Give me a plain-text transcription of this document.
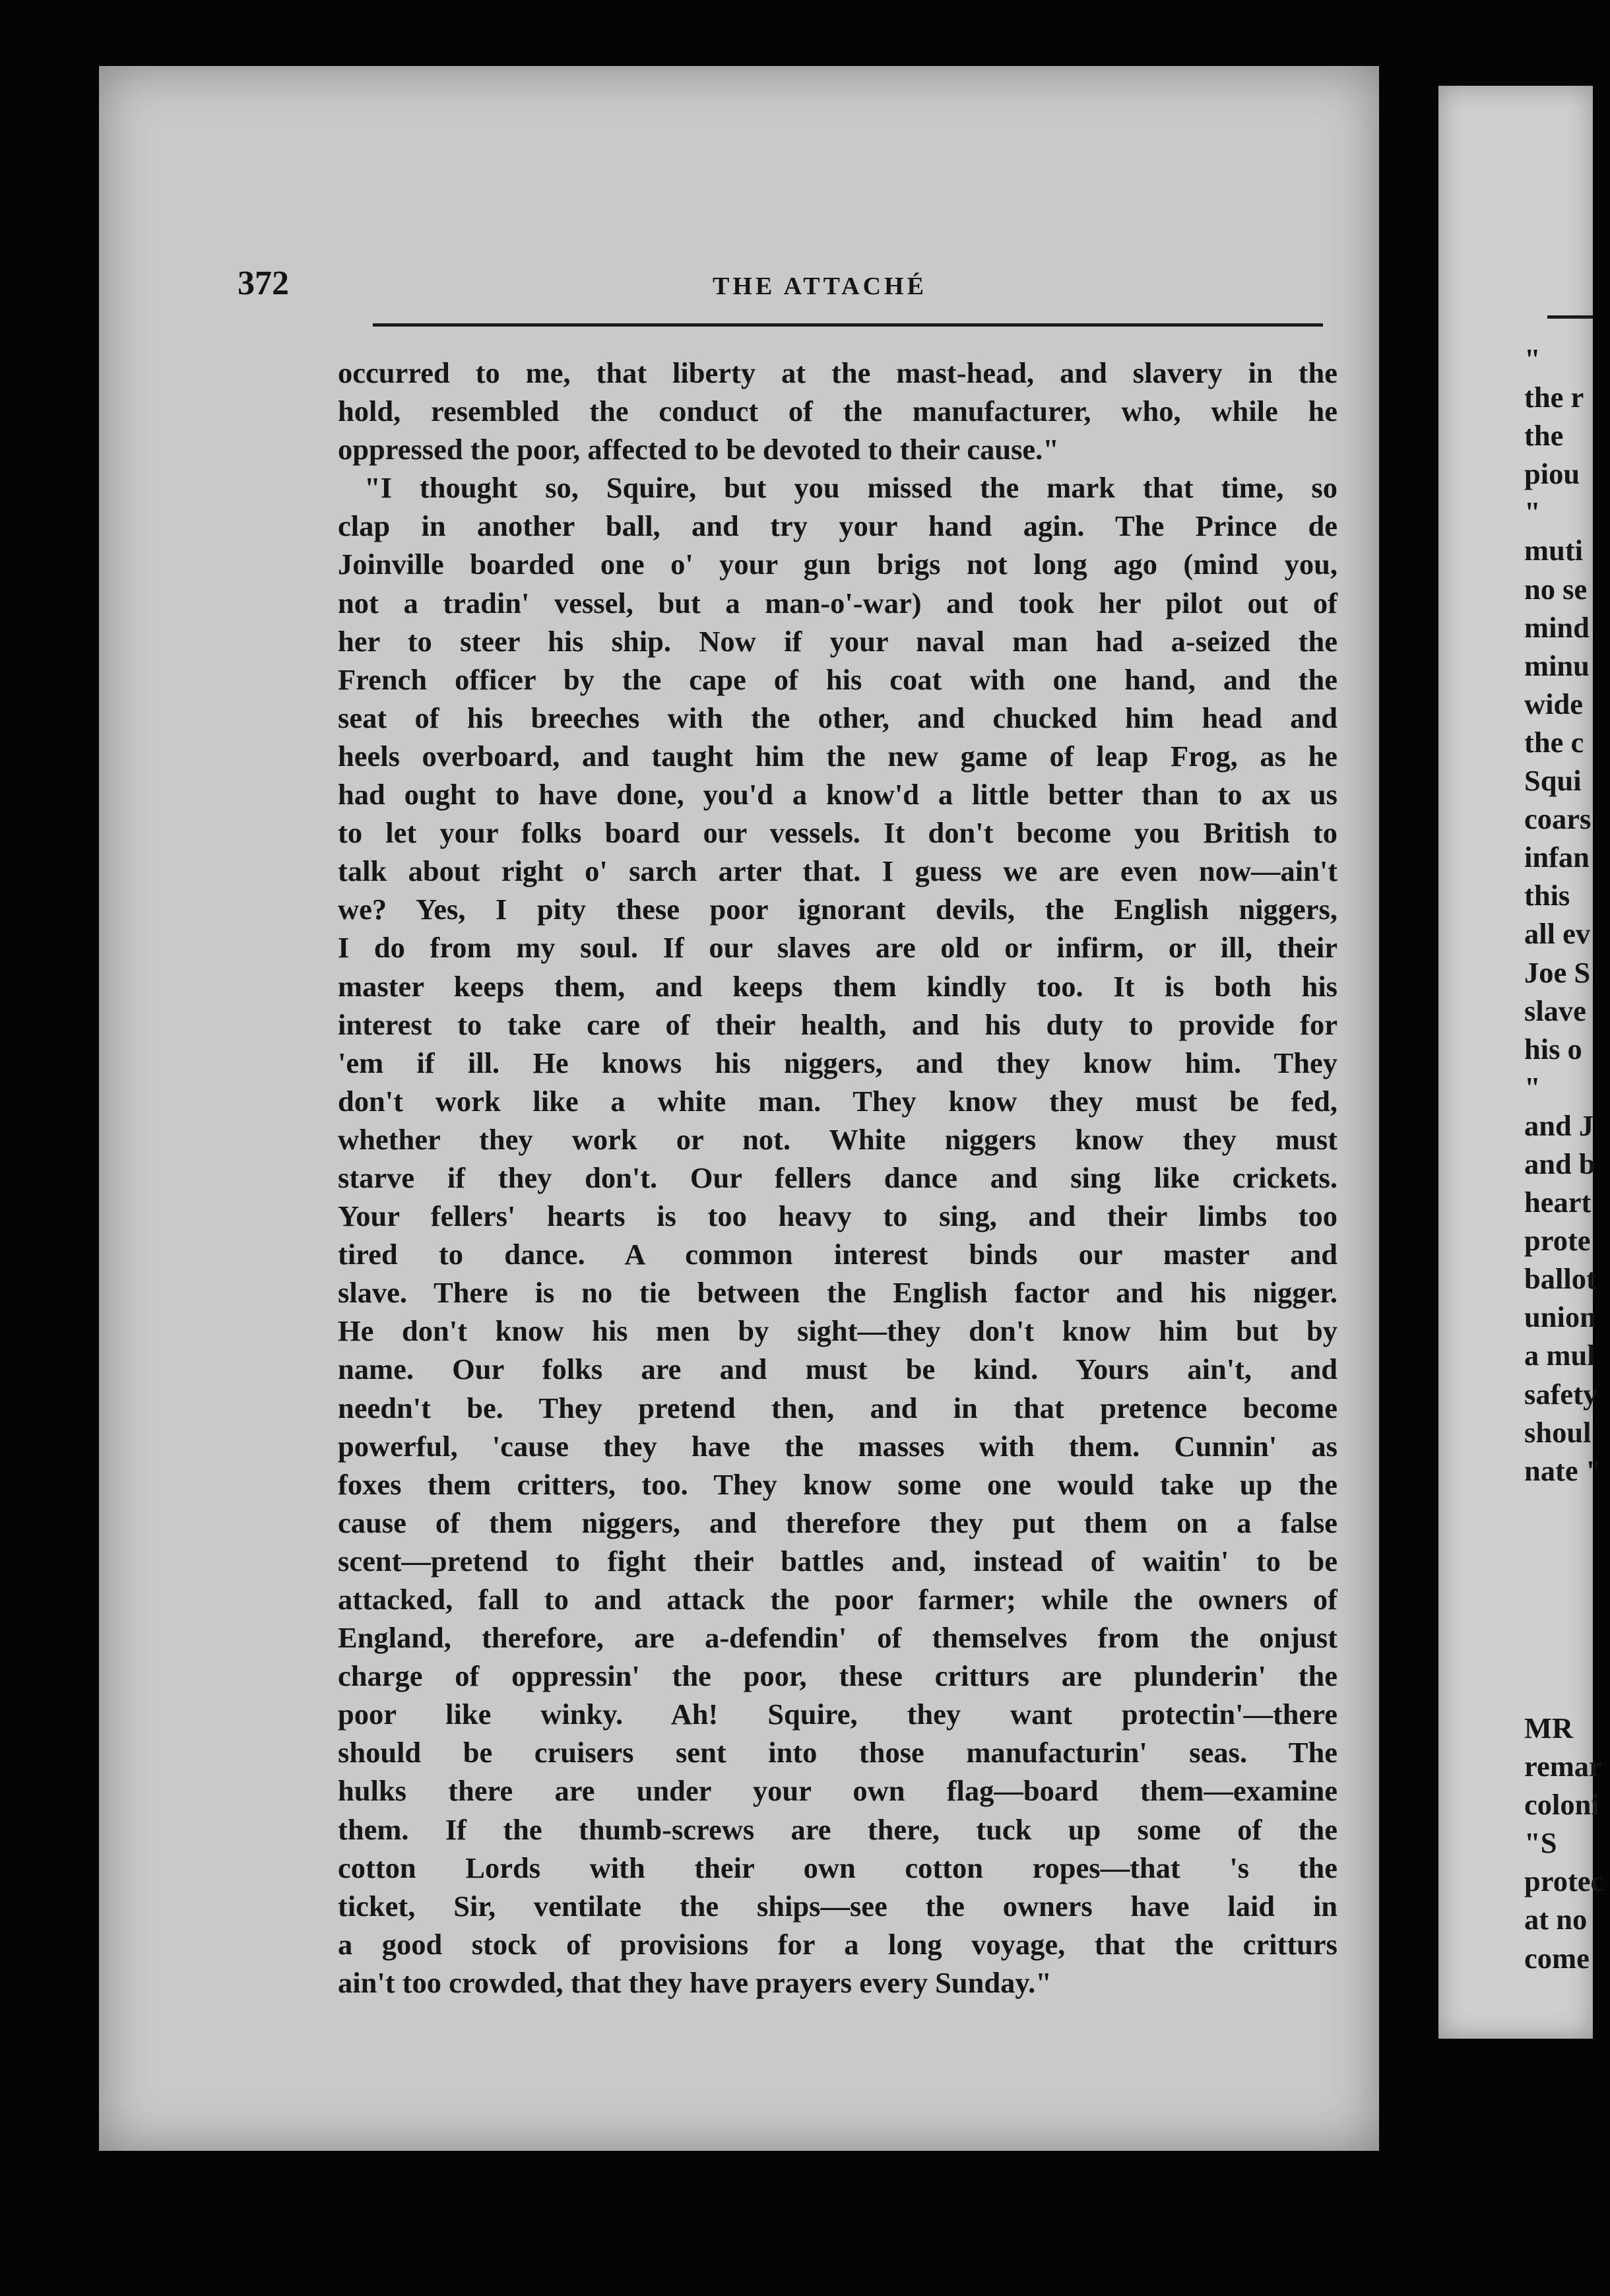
372	THE ATTACHÉ
occurred to me, that liberty at the mast-head, and slavery in the
hold, resembled the conduct of the manufacturer, who, while he
oppressed the poor, affected to be devoted to their cause."
"I thought so, Squire, but you missed the mark that time, so
clap in another ball, and try your hand agin. The Prince de
Joinville boarded one o' your gun brigs not long ago (mind you,
not a tradin' vessel, but a man-o'-war) and took her pilot out of
her to steer his ship. Now if your naval man had a-seized the
French officer by the cape of his coat with one hand, and the
seat of his breeches with the other, and chucked him head and
heels overboard, and taught him the new game of leap Frog, as he
had ought to have done, you'd a know'd a little better than to ax us
to let your folks board our vessels. It don't become you British to
talk about right o' sarch arter that. I guess we are even now—ain't
we? Yes, I pity these poor ignorant devils, the English niggers,
I do from my soul. If our slaves are old or infirm, or ill, their
master keeps them, and keeps them kindly too. It is both his
interest to take care of their health, and his duty to provide for
'em if ill. He knows his niggers, and they know him. They
don't work like a white man. They know they must be fed,
whether they work or not. White niggers know they must
starve if they don't. Our fellers dance and sing like crickets.
Your fellers' hearts is too heavy to sing, and their limbs too
tired to dance. A common interest binds our master and
slave. There is no tie between the English factor and his nigger.
He don't know his men by sight—they don't know him but by
name. Our folks are and must be kind. Yours ain't, and
needn't be. They pretend then, and in that pretence become
powerful, 'cause they have the masses with them. Cunnin' as
foxes them critters, too. They know some one would take up the
cause of them niggers, and therefore they put them on a false
scent—pretend to fight their battles and, instead of waitin' to be
attacked, fall to and attack the poor farmer; while the owners of
England, therefore, are a-defendin' of themselves from the onjust
charge of oppressin' the poor, these critturs are plunderin' the
poor like winky. Ah! Squire, they want protectin'—there
should be cruisers sent into those manufacturin' seas. The
hulks there are under your own flag—board them—examine
them. If the thumb-screws are there, tuck up some of the
cotton Lords with their own cotton ropes—that 's the
ticket, Sir, ventilate the ships—see the owners have laid in
a good stock of provisions for a long voyage, that the critturs
ain't too crowded, that they have prayers every Sunday."
"
the r
the
piou
"
muti
no se
mind
minu
wide
the c
Squi
coars
infan
this
all ev
Joe S
slave
his o
"
and J
and b
heart
prote
ballot
union
a mul
safety
shoul
nate "
MR
remar
coloni
"S
protec
at no
come
